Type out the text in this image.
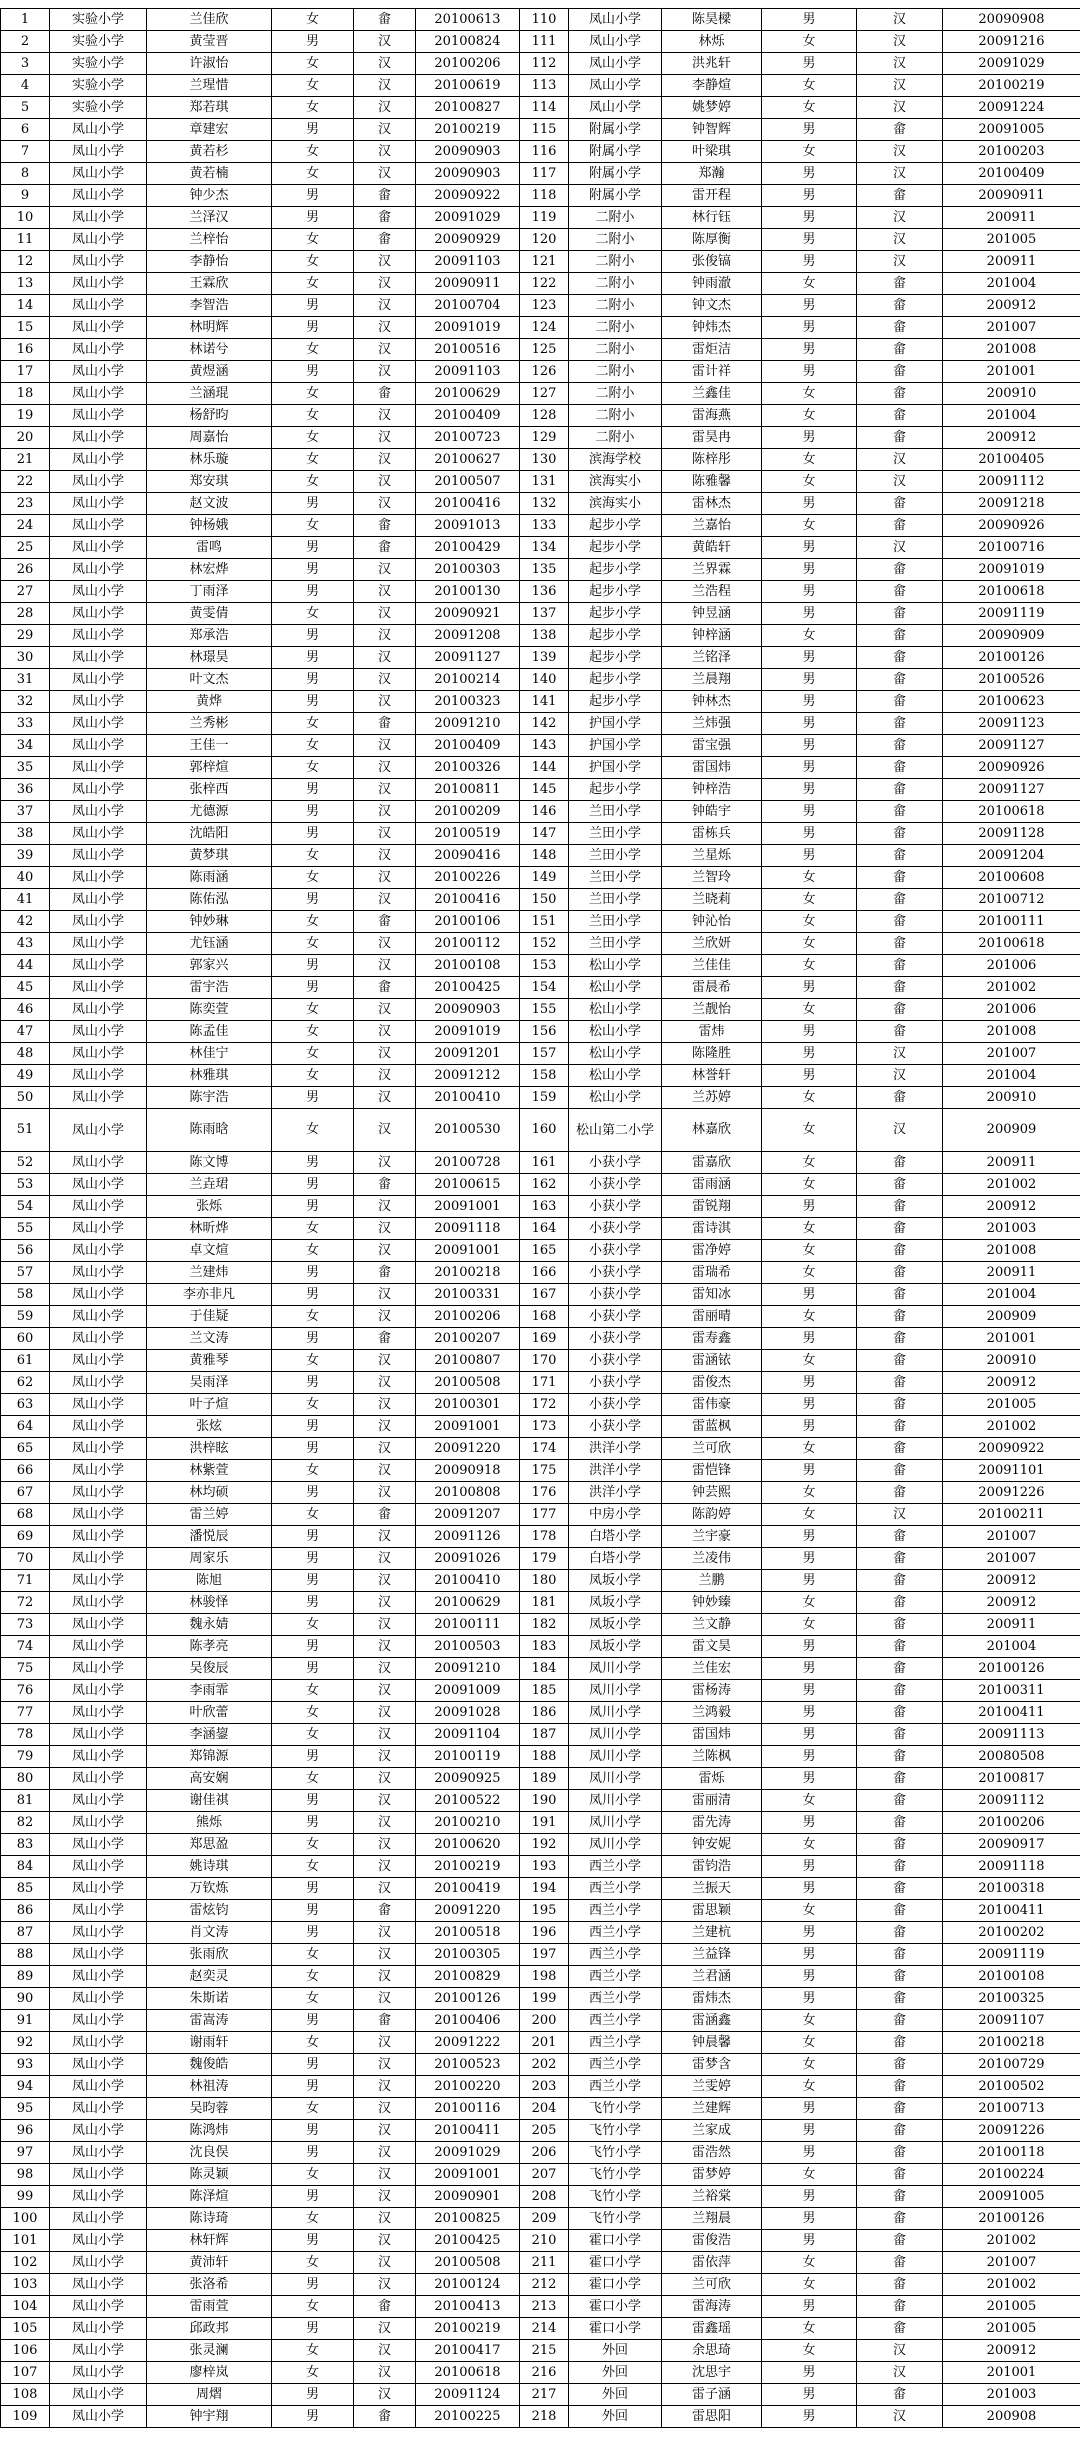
1	实验小学	兰佳欣	女	畲	20100613	110	凤山小学	陈昊樑	男	汉	20090908
2	实验小学	黄莹晋	男	汉	20100824	111	凤山小学	林烁	女	汉	20091216
3	实验小学	许淑怡	女	汉	20100206	112	凤山小学	洪兆轩	男	汉	20091029
4	实验小学	兰瑆惜	女	汉	20100619	113	凤山小学	李静煊	女	汉	20100219
5	实验小学	郑若琪	女	汉	20100827	114	凤山小学	姚梦婷	女	汉	20091224
6	凤山小学	章建宏	男	汉	20100219	115	附属小学	钟智辉	男	畲	20091005
7	凤山小学	黄若杉	女	汉	20090903	116	附属小学	叶梁琪	女	汉	20100203
8	凤山小学	黄若楠	女	汉	20090903	117	附属小学	郑瀚	男	汉	20100409
9	凤山小学	钟少杰	男	畲	20090922	118	附属小学	雷开程	男	畲	20090911
10	凤山小学	兰泽汉	男	畲	20091029	119	二附小	林行钰	男	汉	200911
11	凤山小学	兰梓怡	女	畲	20090929	120	二附小	陈厚衡	男	汉	201005
12	凤山小学	李静怡	女	汉	20091103	121	二附小	张俊镐	男	汉	200911
13	凤山小学	王霖欣	女	汉	20090911	122	二附小	钟雨澈	女	畲	201004
14	凤山小学	李智浩	男	汉	20100704	123	二附小	钟文杰	男	畲	200912
15	凤山小学	林明辉	男	汉	20091019	124	二附小	钟炜杰	男	畲	201007
16	凤山小学	林诺兮	女	汉	20100516	125	二附小	雷炬洁	男	畲	201008
17	凤山小学	黄煜涵	男	汉	20091103	126	二附小	雷计祥	男	畲	201001
18	凤山小学	兰涵琨	女	畲	20100629	127	二附小	兰鑫佳	女	畲	200910
19	凤山小学	杨舒昀	女	汉	20100409	128	二附小	雷海燕	女	畲	201004
20	凤山小学	周嘉怡	女	汉	20100723	129	二附小	雷昊冉	男	畲	200912
21	凤山小学	林乐璇	女	汉	20100627	130	滨海学校	陈梓彤	女	汉	20100405
22	凤山小学	郑安琪	女	汉	20100507	131	滨海实小	陈雅馨	女	汉	20091112
23	凤山小学	赵文波	男	汉	20100416	132	滨海实小	雷林杰	男	畲	20091218
24	凤山小学	钟杨娥	女	畲	20091013	133	起步小学	兰嘉怡	女	畲	20090926
25	凤山小学	雷鸣	男	畲	20100429	134	起步小学	黄皓轩	男	汉	20100716
26	凤山小学	林宏烨	男	汉	20100303	135	起步小学	兰界霖	男	畲	20091019
27	凤山小学	丁雨泽	男	汉	20100130	136	起步小学	兰浩程	男	畲	20100618
28	凤山小学	黄雯倩	女	汉	20090921	137	起步小学	钟昱涵	男	畲	20091119
29	凤山小学	郑承浩	男	汉	20091208	138	起步小学	钟梓涵	女	畲	20090909
30	凤山小学	林璟昊	男	汉	20091127	139	起步小学	兰铭泽	男	畲	20100126
31	凤山小学	叶文杰	男	汉	20100214	140	起步小学	兰晨翔	男	畲	20100526
32	凤山小学	黄烨	男	汉	20100323	141	起步小学	钟林杰	男	畲	20100623
33	凤山小学	兰秀彬	女	畲	20091210	142	护国小学	兰炜强	男	畲	20091123
34	凤山小学	王佳一	女	汉	20100409	143	护国小学	雷宝强	男	畲	20091127
35	凤山小学	郭梓煊	女	汉	20100326	144	护国小学	雷国炜	男	畲	20090926
36	凤山小学	张梓西	男	汉	20100811	145	起步小学	钟梓浩	男	畲	20091127
37	凤山小学	尤德源	男	汉	20100209	146	兰田小学	钟皓宇	男	畲	20100618
38	凤山小学	沈皓阳	男	汉	20100519	147	兰田小学	雷栋兵	男	畲	20091128
39	凤山小学	黄梦琪	女	汉	20090416	148	兰田小学	兰星烁	男	畲	20091204
40	凤山小学	陈雨涵	女	汉	20100226	149	兰田小学	兰智玲	女	畲	20100608
41	凤山小学	陈佑泓	男	汉	20100416	150	兰田小学	兰晓莉	女	畲	20100712
42	凤山小学	钟妙琳	女	畲	20100106	151	兰田小学	钟沁怡	女	畲	20100111
43	凤山小学	尤钰涵	女	汉	20100112	152	兰田小学	兰欣妍	女	畲	20100618
44	凤山小学	郭家兴	男	汉	20100108	153	松山小学	兰佳佳	女	畲	201006
45	凤山小学	雷宇浩	男	畲	20100425	154	松山小学	雷晨希	男	畲	201002
46	凤山小学	陈奕萱	女	汉	20090903	155	松山小学	兰靓怡	女	畲	201006
47	凤山小学	陈孟佳	女	汉	20091019	156	松山小学	雷炜	男	畲	201008
48	凤山小学	林佳宁	女	汉	20091201	157	松山小学	陈隆胜	男	汉	201007
49	凤山小学	林雅琪	女	汉	20091212	158	松山小学	林誉轩	男	汉	201004
50	凤山小学	陈宇浩	男	汉	20100410	159	松山小学	兰苏婷	女	畲	200910
51	凤山小学	陈雨晗	女	汉	20100530	160	松山第二小学	林嘉欣	女	汉	200909
52	凤山小学	陈文博	男	汉	20100728	161	小获小学	雷嘉欣	女	畲	200911
53	凤山小学	兰垚珺	男	畲	20100615	162	小获小学	雷雨涵	女	畲	201002
54	凤山小学	张烁	男	汉	20091001	163	小获小学	雷锐翔	男	畲	200912
55	凤山小学	林昕烨	女	汉	20091118	164	小获小学	雷诗淇	女	畲	201003
56	凤山小学	卓文煊	女	汉	20091001	165	小获小学	雷净婷	女	畲	201008
57	凤山小学	兰建炜	男	畲	20100218	166	小获小学	雷瑞希	女	畲	200911
58	凤山小学	李亦非凡	男	汉	20100331	167	小获小学	雷知冰	男	畲	201004
59	凤山小学	于佳疑	女	汉	20100206	168	小获小学	雷丽晴	女	畲	200909
60	凤山小学	兰文涛	男	畲	20100207	169	小获小学	雷寿鑫	男	畲	201001
61	凤山小学	黄雅琴	女	汉	20100807	170	小获小学	雷涵铱	女	畲	200910
62	凤山小学	吴雨泽	男	汉	20100508	171	小获小学	雷俊杰	男	畲	200912
63	凤山小学	叶子煊	女	汉	20100301	172	小获小学	雷伟豪	男	畲	201005
64	凤山小学	张炫	男	汉	20091001	173	小获小学	雷蓝枫	男	畲	201002
65	凤山小学	洪梓眩	男	汉	20091220	174	洪洋小学	兰可欣	女	畲	20090922
66	凤山小学	林紫萱	女	汉	20090918	175	洪洋小学	雷恺锋	男	畲	20091101
67	凤山小学	林均硕	男	汉	20100808	176	洪洋小学	钟芸熙	女	畲	20091226
68	凤山小学	雷兰婷	女	畲	20091207	177	中房小学	陈韵婷	女	汉	20100211
69	凤山小学	潘悦辰	男	汉	20091126	178	白塔小学	兰宇豪	男	畲	201007
70	凤山小学	周家乐	男	汉	20091026	179	白塔小学	兰凌伟	男	畲	201007
71	凤山小学	陈旭	男	汉	20100410	180	凤坂小学	兰鹏	男	畲	200912
72	凤山小学	林骏怿	男	汉	20100629	181	凤坂小学	钟妙臻	女	畲	200912
73	凤山小学	魏永婧	女	汉	20100111	182	凤坂小学	兰文静	女	畲	200911
74	凤山小学	陈孝亮	男	汉	20100503	183	凤坂小学	雷文昊	男	畲	201004
75	凤山小学	吴俊辰	男	汉	20091210	184	凤川小学	兰佳宏	男	畲	20100126
76	凤山小学	李雨霏	女	汉	20091009	185	凤川小学	雷杨涛	男	畲	20100311
77	凤山小学	叶欣蕾	女	汉	20091028	186	凤川小学	兰鸿毅	男	畲	20100411
78	凤山小学	李涵鋆	女	汉	20091104	187	凤川小学	雷国炜	男	畲	20091113
79	凤山小学	郑锦源	男	汉	20100119	188	凤川小学	兰陈枫	男	畲	20080508
80	凤山小学	高安娴	女	汉	20090925	189	凤川小学	雷烁	男	畲	20100817
81	凤山小学	谢佳祺	男	汉	20100522	190	凤川小学	雷丽清	女	畲	20091112
82	凤山小学	熊烁	男	汉	20100210	191	凤川小学	雷先涛	男	畲	20100206
83	凤山小学	郑思盈	女	汉	20100620	192	凤川小学	钟安妮	女	畲	20090917
84	凤山小学	姚诗琪	女	汉	20100219	193	西兰小学	雷钧浩	男	畲	20091118
85	凤山小学	万钦炼	男	汉	20100419	194	西兰小学	兰振天	男	畲	20100318
86	凤山小学	雷炫钧	男	畲	20091220	195	西兰小学	雷思颖	女	畲	20100411
87	凤山小学	肖文涛	男	汉	20100518	196	西兰小学	兰建杭	男	畲	20100202
88	凤山小学	张雨欣	女	汉	20100305	197	西兰小学	兰益锋	男	畲	20091119
89	凤山小学	赵奕灵	女	汉	20100829	198	西兰小学	兰君涵	男	畲	20100108
90	凤山小学	朱斯诺	女	汉	20100126	199	西兰小学	雷炜杰	男	畲	20100325
91	凤山小学	雷嵩涛	男	畲	20100406	200	西兰小学	雷涵鑫	女	畲	20091107
92	凤山小学	谢雨轩	女	汉	20091222	201	西兰小学	钟晨馨	女	畲	20100218
93	凤山小学	魏俊皓	男	汉	20100523	202	西兰小学	雷梦含	女	畲	20100729
94	凤山小学	林祖涛	男	汉	20100220	203	西兰小学	兰雯婷	女	畲	20100502
95	凤山小学	吴昀蓉	女	汉	20100116	204	飞竹小学	兰建辉	男	畲	20100713
96	凤山小学	陈鸿炜	男	汉	20100411	205	飞竹小学	兰家成	男	畲	20091226
97	凤山小学	沈良俣	男	汉	20091029	206	飞竹小学	雷浩然	男	畲	20100118
98	凤山小学	陈灵颖	女	汉	20091001	207	飞竹小学	雷梦婷	女	畲	20100224
99	凤山小学	陈泽煊	男	汉	20090901	208	飞竹小学	兰裕棠	男	畲	20091005
100	凤山小学	陈诗琦	女	汉	20100825	209	飞竹小学	兰翔晨	男	畲	20100126
101	凤山小学	林轩辉	男	汉	20100425	210	霍口小学	雷俊浩	男	畲	201002
102	凤山小学	黄沛轩	女	汉	20100508	211	霍口小学	雷依萍	女	畲	201007
103	凤山小学	张洛希	男	汉	20100124	212	霍口小学	兰可欣	女	畲	201002
104	凤山小学	雷雨萱	女	畲	20100413	213	霍口小学	雷海涛	男	畲	201005
105	凤山小学	邱政邦	男	汉	20100219	214	霍口小学	雷鑫瑶	女	畲	201005
106	凤山小学	张灵澜	女	汉	20100417	215	外回	余思琦	女	汉	200912
107	凤山小学	廖梓岚	女	汉	20100618	216	外回	沈思宇	男	汉	201001
108	凤山小学	周熠	男	汉	20091124	217	外回	雷子涵	男	畲	201003
109	凤山小学	钟宇翔	男	畲	20100225	218	外回	雷思阳	男	汉	200908
